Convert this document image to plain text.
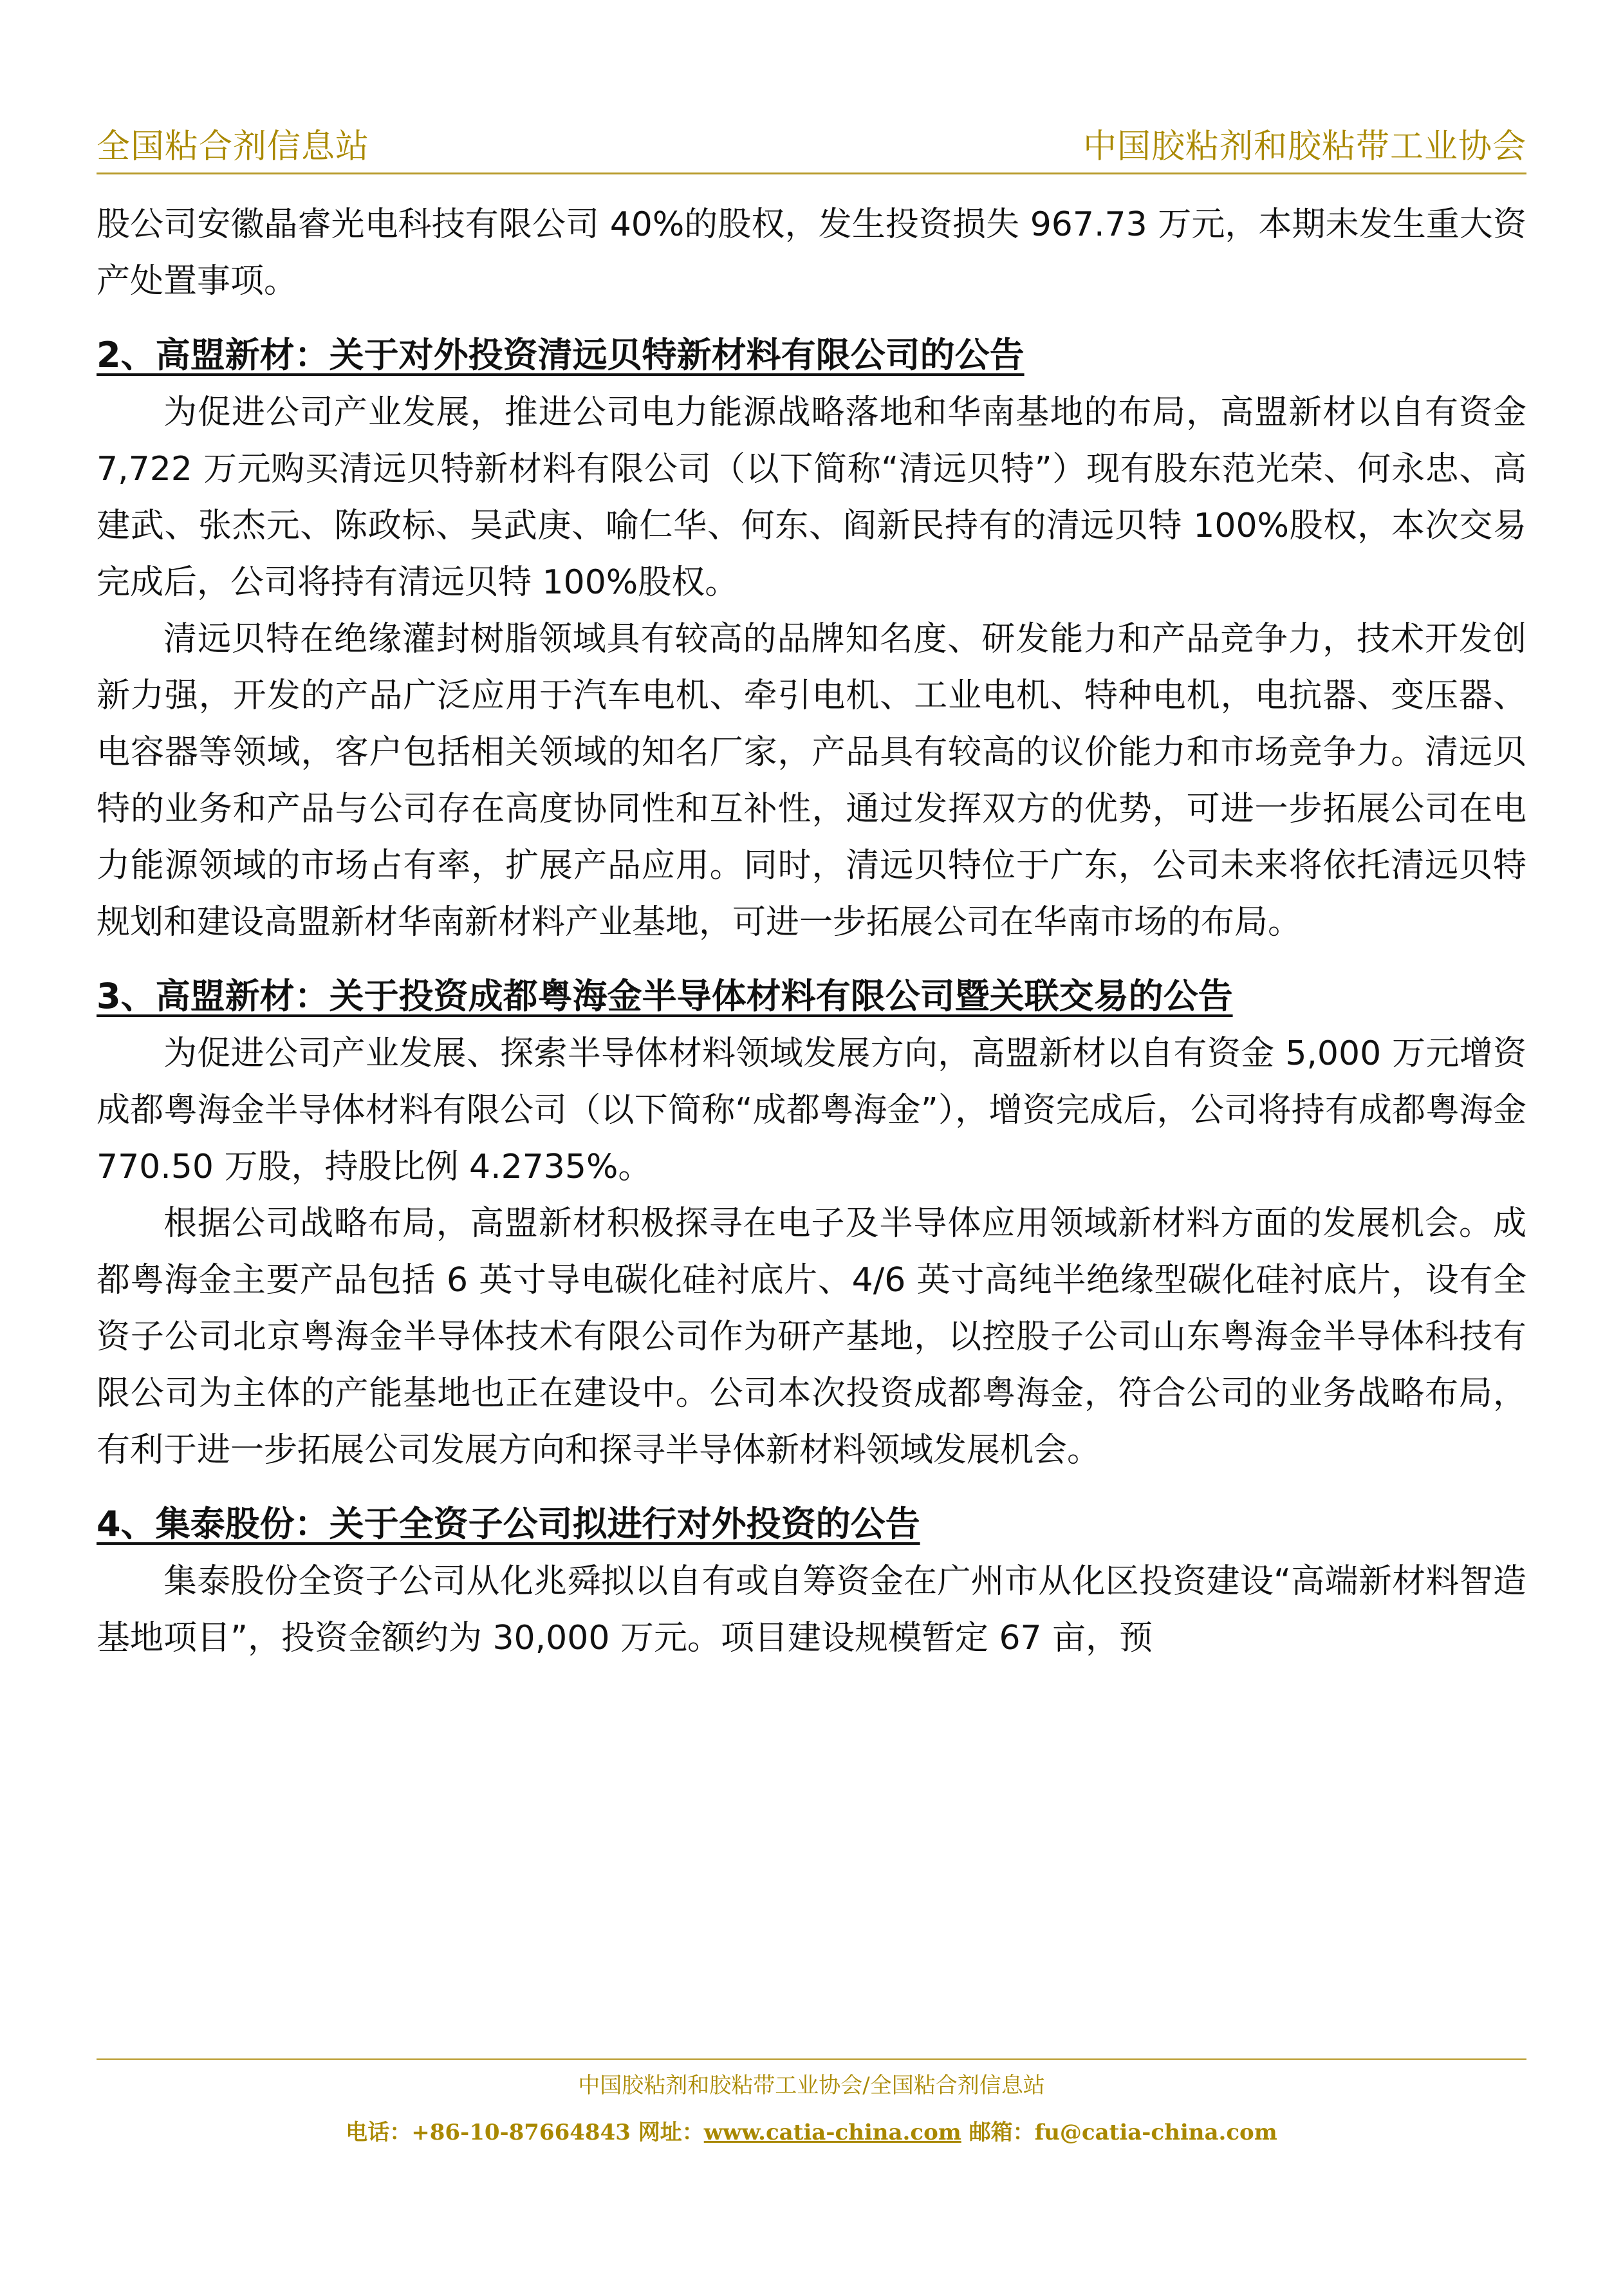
全国粘合剂信息站	中国胶粘剂和胶粘带工业协会

股公司安徽晶睿光电科技有限公司 40%的股权，发生投资损失 967.73 万元，本期未发生重大资产处置事项。

2、高盟新材：关于对外投资清远贝特新材料有限公司的公告

为促进公司产业发展，推进公司电力能源战略落地和华南基地的布局，高盟新材以自有资金 7,722 万元购买清远贝特新材料有限公司（以下简称“清远贝特”）现有股东范光荣、何永忠、高建武、张杰元、陈政标、吴武庚、喻仁华、何东、阎新民持有的清远贝特 100%股权，本次交易完成后，公司将持有清远贝特 100%股权。

清远贝特在绝缘灌封树脂领域具有较高的品牌知名度、研发能力和产品竞争力，技术开发创新力强，开发的产品广泛应用于汽车电机、牵引电机、工业电机、特种电机，电抗器、变压器、电容器等领域，客户包括相关领域的知名厂家，产品具有较高的议价能力和市场竞争力。清远贝特的业务和产品与公司存在高度协同性和互补性，通过发挥双方的优势，可进一步拓展公司在电力能源领域的市场占有率，扩展产品应用。同时，清远贝特位于广东，公司未来将依托清远贝特规划和建设高盟新材华南新材料产业基地，可进一步拓展公司在华南市场的布局。

3、高盟新材：关于投资成都粤海金半导体材料有限公司暨关联交易的公告

为促进公司产业发展、探索半导体材料领域发展方向，高盟新材以自有资金 5,000 万元增资成都粤海金半导体材料有限公司（以下简称“成都粤海金”），增资完成后，公司将持有成都粤海金 770.50 万股，持股比例 4.2735%。

根据公司战略布局，高盟新材积极探寻在电子及半导体应用领域新材料方面的发展机会。成都粤海金主要产品包括 6 英寸导电碳化硅衬底片、4/6 英寸高纯半绝缘型碳化硅衬底片，设有全资子公司北京粤海金半导体技术有限公司作为研产基地，以控股子公司山东粤海金半导体科技有限公司为主体的产能基地也正在建设中。公司本次投资成都粤海金，符合公司的业务战略布局，有利于进一步拓展公司发展方向和探寻半导体新材料领域发展机会。

4、集泰股份：关于全资子公司拟进行对外投资的公告

集泰股份全资子公司从化兆舜拟以自有或自筹资金在广州市从化区投资建设“高端新材料智造基地项目”，投资金额约为 30,000 万元。项目建设规模暂定 67 亩，预

中国胶粘剂和胶粘带工业协会/全国粘合剂信息站
电话：+86-10-87664843 网址：www.catia-china.com 邮箱：fu@catia-china.com
